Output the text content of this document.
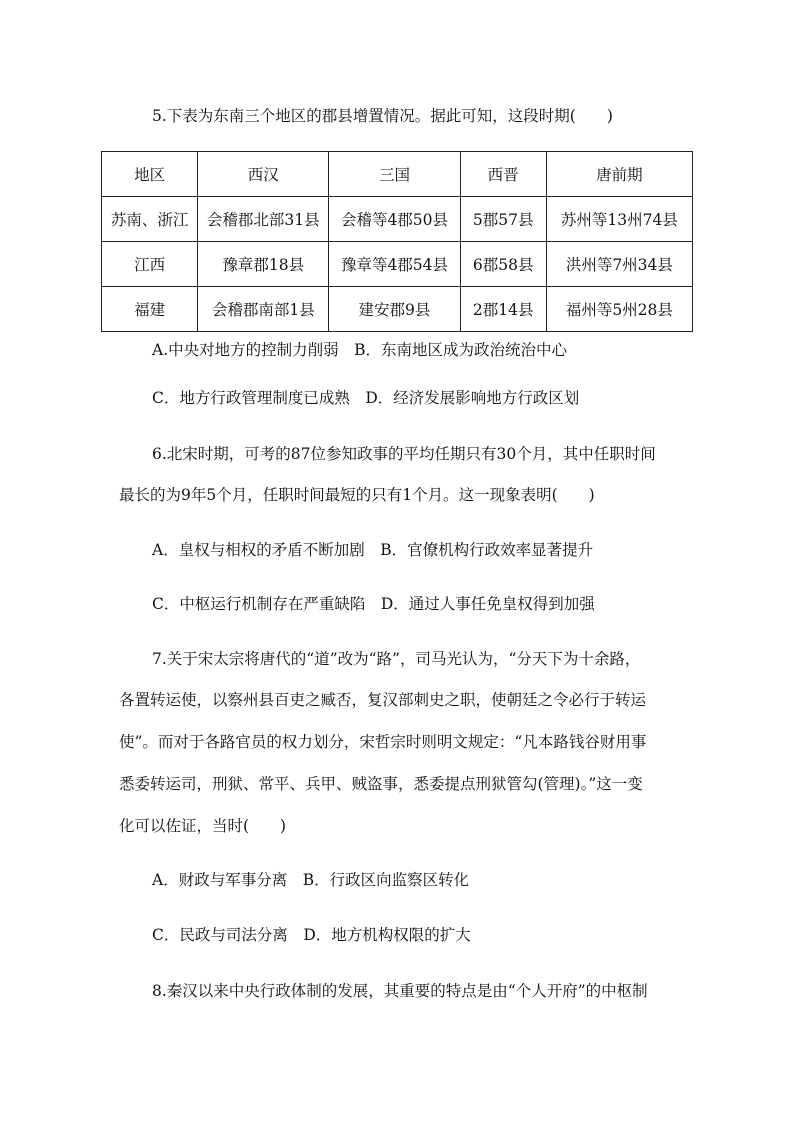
5.下表为东南三个地区的郡县增置情况。据此可知，这段时期(　　)
地区	西汉	三国	西晋	唐前期
苏南、浙江	会稽郡北部31县	会稽等4郡50县	5郡57县	苏州等13州74县
江西	豫章郡18县	豫章等4郡54县	6郡58县	洪州等7州34县
福建	会稽郡南部1县	建安郡9县	2郡14县	福州等5州28县
A.中央对地方的控制力削弱　B．东南地区成为政治统治中心
C．地方行政管理制度已成熟　D．经济发展影响地方行政区划
6.北宋时期，可考的87位参知政事的平均任期只有30个月，其中任职时间
最长的为9年5个月，任职时间最短的只有1个月。这一现象表明(　　)
A．皇权与相权的矛盾不断加剧　B．官僚机构行政效率显著提升
C．中枢运行机制存在严重缺陷　D．通过人事任免皇权得到加强
7.关于宋太宗将唐代的“道”改为“路”，司马光认为，“分天下为十余路，
各置转运使，以察州县百吏之臧否，复汉部刺史之职，使朝廷之令必行于转运
使”。而对于各路官员的权力划分，宋哲宗时则明文规定：“凡本路钱谷财用事
悉委转运司，刑狱、常平、兵甲、贼盗事，悉委提点刑狱管勾(管理)。”这一变
化可以佐证，当时(　　)
A．财政与军事分离　B．行政区向监察区转化
C．民政与司法分离　D．地方机构权限的扩大
8.秦汉以来中央行政体制的发展，其重要的特点是由“个人开府”的中枢制
